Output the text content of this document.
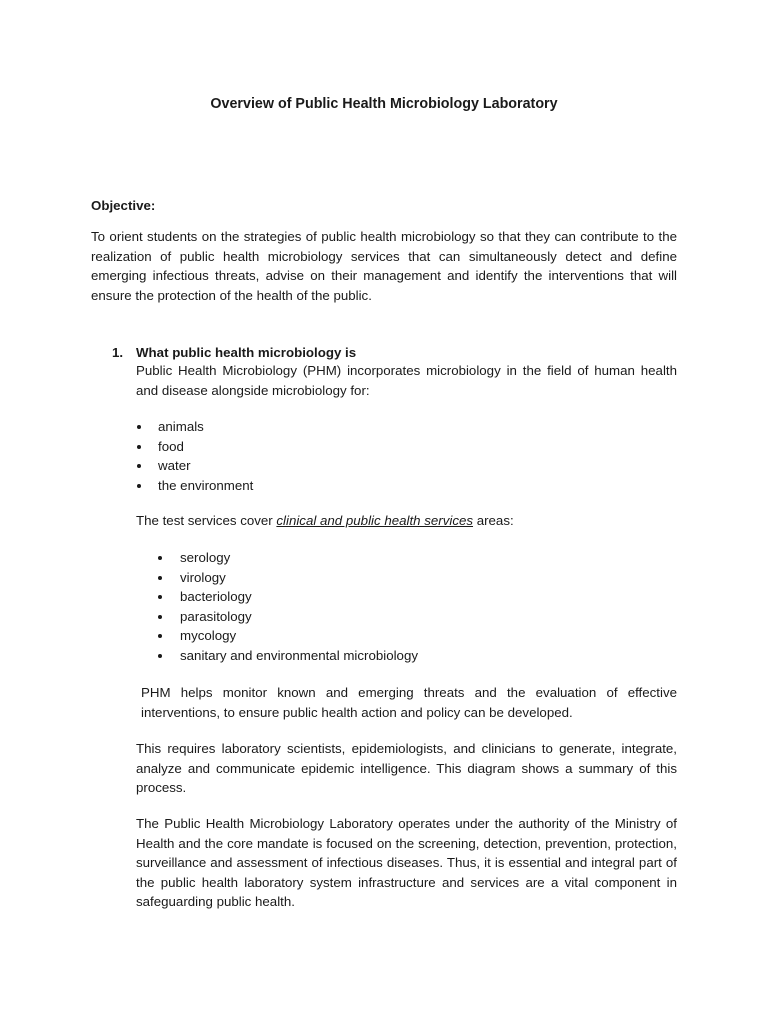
Overview of Public Health Microbiology Laboratory
Objective:
To orient students on the strategies of public health microbiology so that they can contribute to the realization of public health microbiology services that can simultaneously detect and define emerging infectious threats, advise on their management and identify the interventions that will ensure the protection of the health of the public.
1. What public health microbiology is
Public Health Microbiology (PHM) incorporates microbiology in the field of human health and disease alongside microbiology for:
animals
food
water
the environment
The test services cover clinical and public health services areas:
serology
virology
bacteriology
parasitology
mycology
sanitary and environmental microbiology
PHM helps monitor known and emerging threats and the evaluation of effective interventions, to ensure public health action and policy can be developed.
This requires laboratory scientists, epidemiologists, and clinicians to generate, integrate, analyze and communicate epidemic intelligence. This diagram shows a summary of this process.
The Public Health Microbiology Laboratory operates under the authority of the Ministry of Health and the core mandate is focused on the screening, detection, prevention, protection, surveillance and assessment of infectious diseases. Thus, it is essential and integral part of the public health laboratory system infrastructure and services are a vital component in safeguarding public health.
